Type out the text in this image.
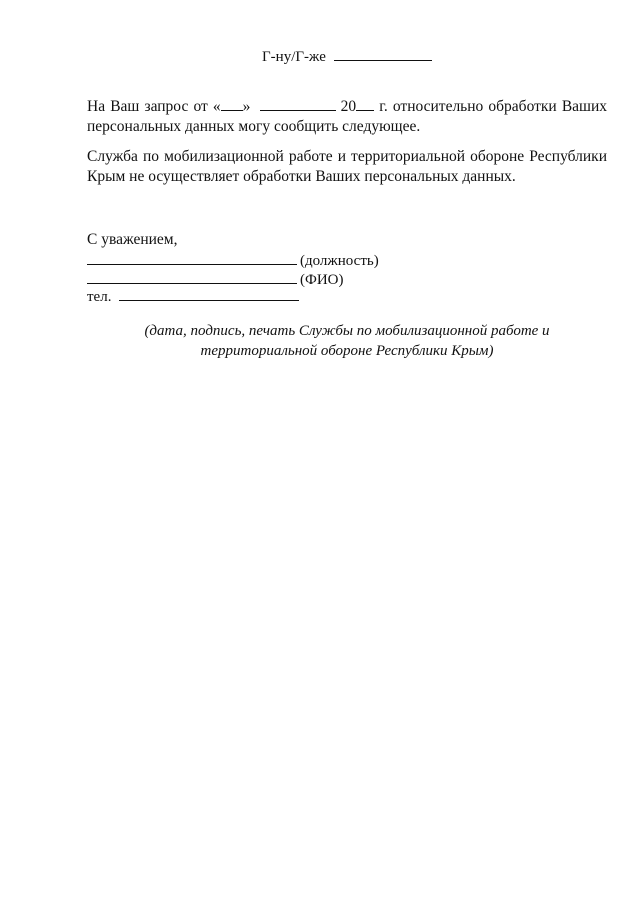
Г-ну/Г-же
На Ваш запрос от « »	20 г. относительно обработки Ваших персональных данных могу сообщить следующее.
Служба по мобилизационной работе и территориальной обороне Республики Крым не осуществляет обработки Ваших персональных данных.
С уважением,
(должность)
(ФИО)
тел.
(дата, подпись, печать Службы по мобилизационной работе и территориальной обороне Республики Крым)
